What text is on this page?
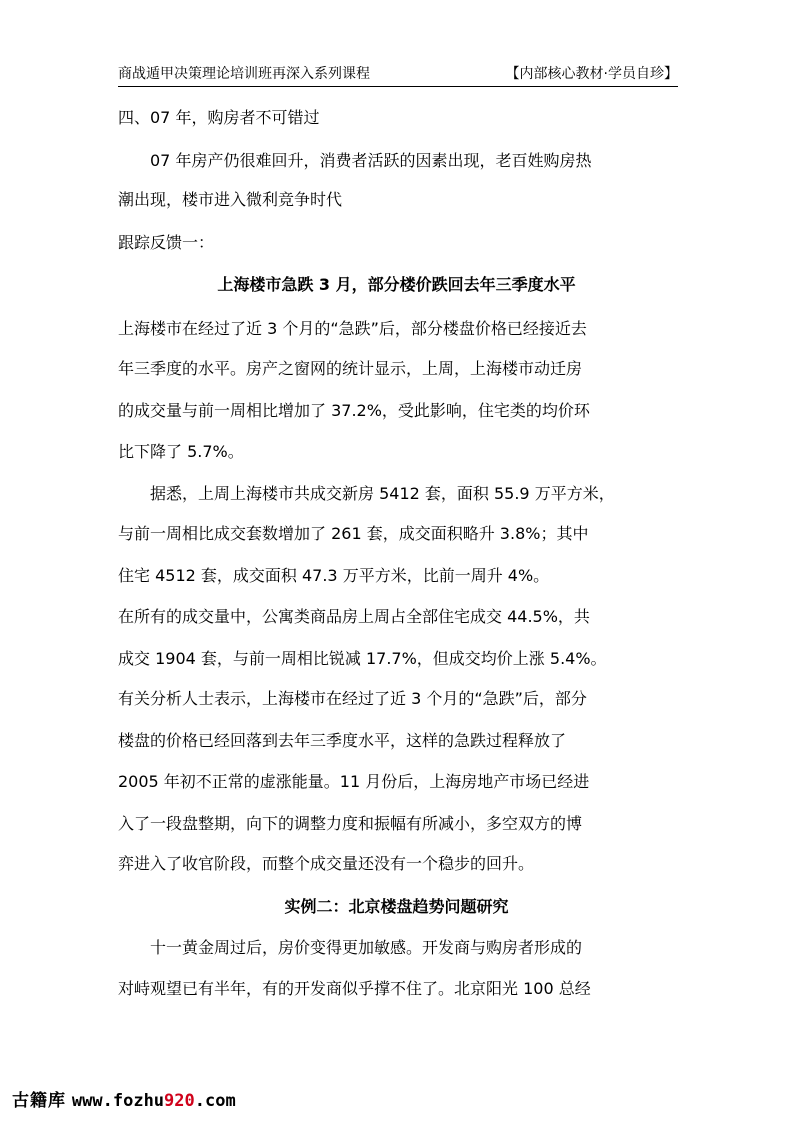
商战遁甲决策理论培训班再深入系列课程	【内部核心教材·学员自珍】
四、07 年，购房者不可错过
07 年房产仍很难回升，消费者活跃的因素出现，老百姓购房热
潮出现，楼市进入微利竞争时代
跟踪反馈一：
上海楼市急跌 3 月，部分楼价跌回去年三季度水平
上海楼市在经过了近 3 个月的“急跌”后，部分楼盘价格已经接近去
年三季度的水平。房产之窗网的统计显示，上周，上海楼市动迁房
的成交量与前一周相比增加了 37.2%，受此影响，住宅类的均价环
比下降了 5.7%。
据悉，上周上海楼市共成交新房 5412 套，面积 55.9 万平方米，
与前一周相比成交套数增加了 261 套，成交面积略升 3.8%；其中
住宅 4512 套，成交面积 47.3 万平方米，比前一周升 4%。
在所有的成交量中，公寓类商品房上周占全部住宅成交 44.5%，共
成交 1904 套，与前一周相比锐减 17.7%，但成交均价上涨 5.4%。
有关分析人士表示，上海楼市在经过了近 3 个月的“急跌”后，部分
楼盘的价格已经回落到去年三季度水平，这样的急跌过程释放了
2005 年初不正常的虚涨能量。11 月份后，上海房地产市场已经进
入了一段盘整期，向下的调整力度和振幅有所减小，多空双方的博
弈进入了收官阶段，而整个成交量还没有一个稳步的回升。
实例二：北京楼盘趋势问题研究
十一黄金周过后，房价变得更加敏感。开发商与购房者形成的
对峙观望已有半年，有的开发商似乎撑不住了。北京阳光 100 总经
古籍库 www.fozhu920.com
